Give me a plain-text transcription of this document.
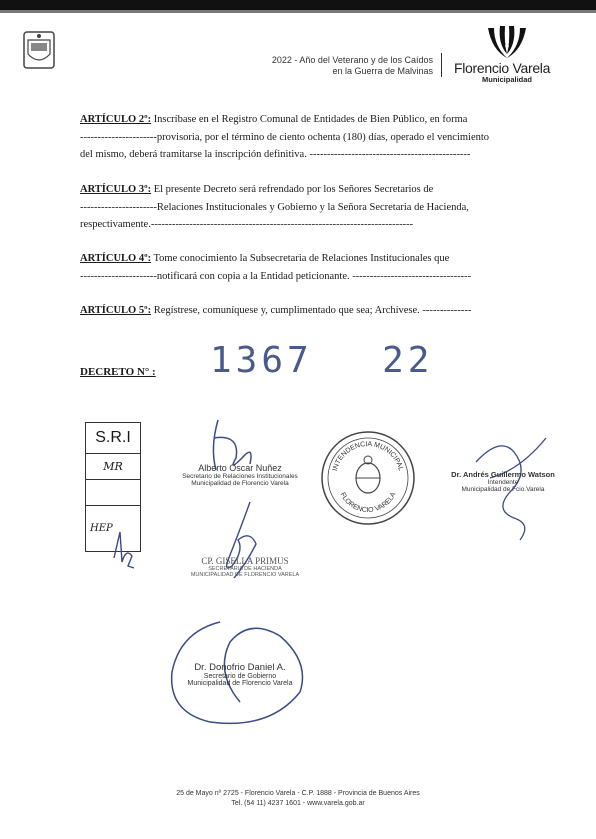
2022 - Año del Veterano y de los Caídos
en la Guerra de Malvinas Florencio Varela
Municipalidad
ARTÍCULO 2º: Inscríbase en el Registro Comunal de Entidades de Bien Público, en forma
----------------------provisoria, por el término de ciento ochenta (180) días, operado el vencimiento
del mismo, deberá tramitarse la inscripción definitiva. ----------------------------------------------
ARTÍCULO 3º: El presente Decreto será refrendado por los Señores Secretarios de
----------------------Relaciones Institucionales y Gobierno y la Señora Secretaria de Hacienda,
respectivamente.---------------------------------------------------------------------------
ARTÍCULO 4º: Tome conocimiento la Subsecretaria de Relaciones Institucionales que
----------------------notificará con copia a la Entidad peticionante. ----------------------------------
ARTÍCULO 5º: Regístrese, comuníquese y, cumplimentado que sea; Archívese. --------------
DECRETO N° : 1367 22
S.R.I
MR
HEP
Alberto Oscar Nuñez
Secretario de Relaciones Institucionales
Municipalidad de Florencio Varela
INTENDENCIA MUNICIPAL
FLORENCIO VARELA
Dr. Andrés Guillermo Watson
Intendente
Municipalidad de Fcio.Varela
CP. GISELLA PRIMUS
SECRETARIA DE HACIENDA
MUNICIPALIDAD DE FLORENCIO VARELA
Dr. Donofrio Daniel A.
Secretario de Gobierno
Municipalidad de Florencio Varela
25 de Mayo nº 2725 - Florencio Varela - C.P. 1888 - Provincia de Buenos Aires
Tel. (54 11) 4237 1601 - www.varela.gob.ar
